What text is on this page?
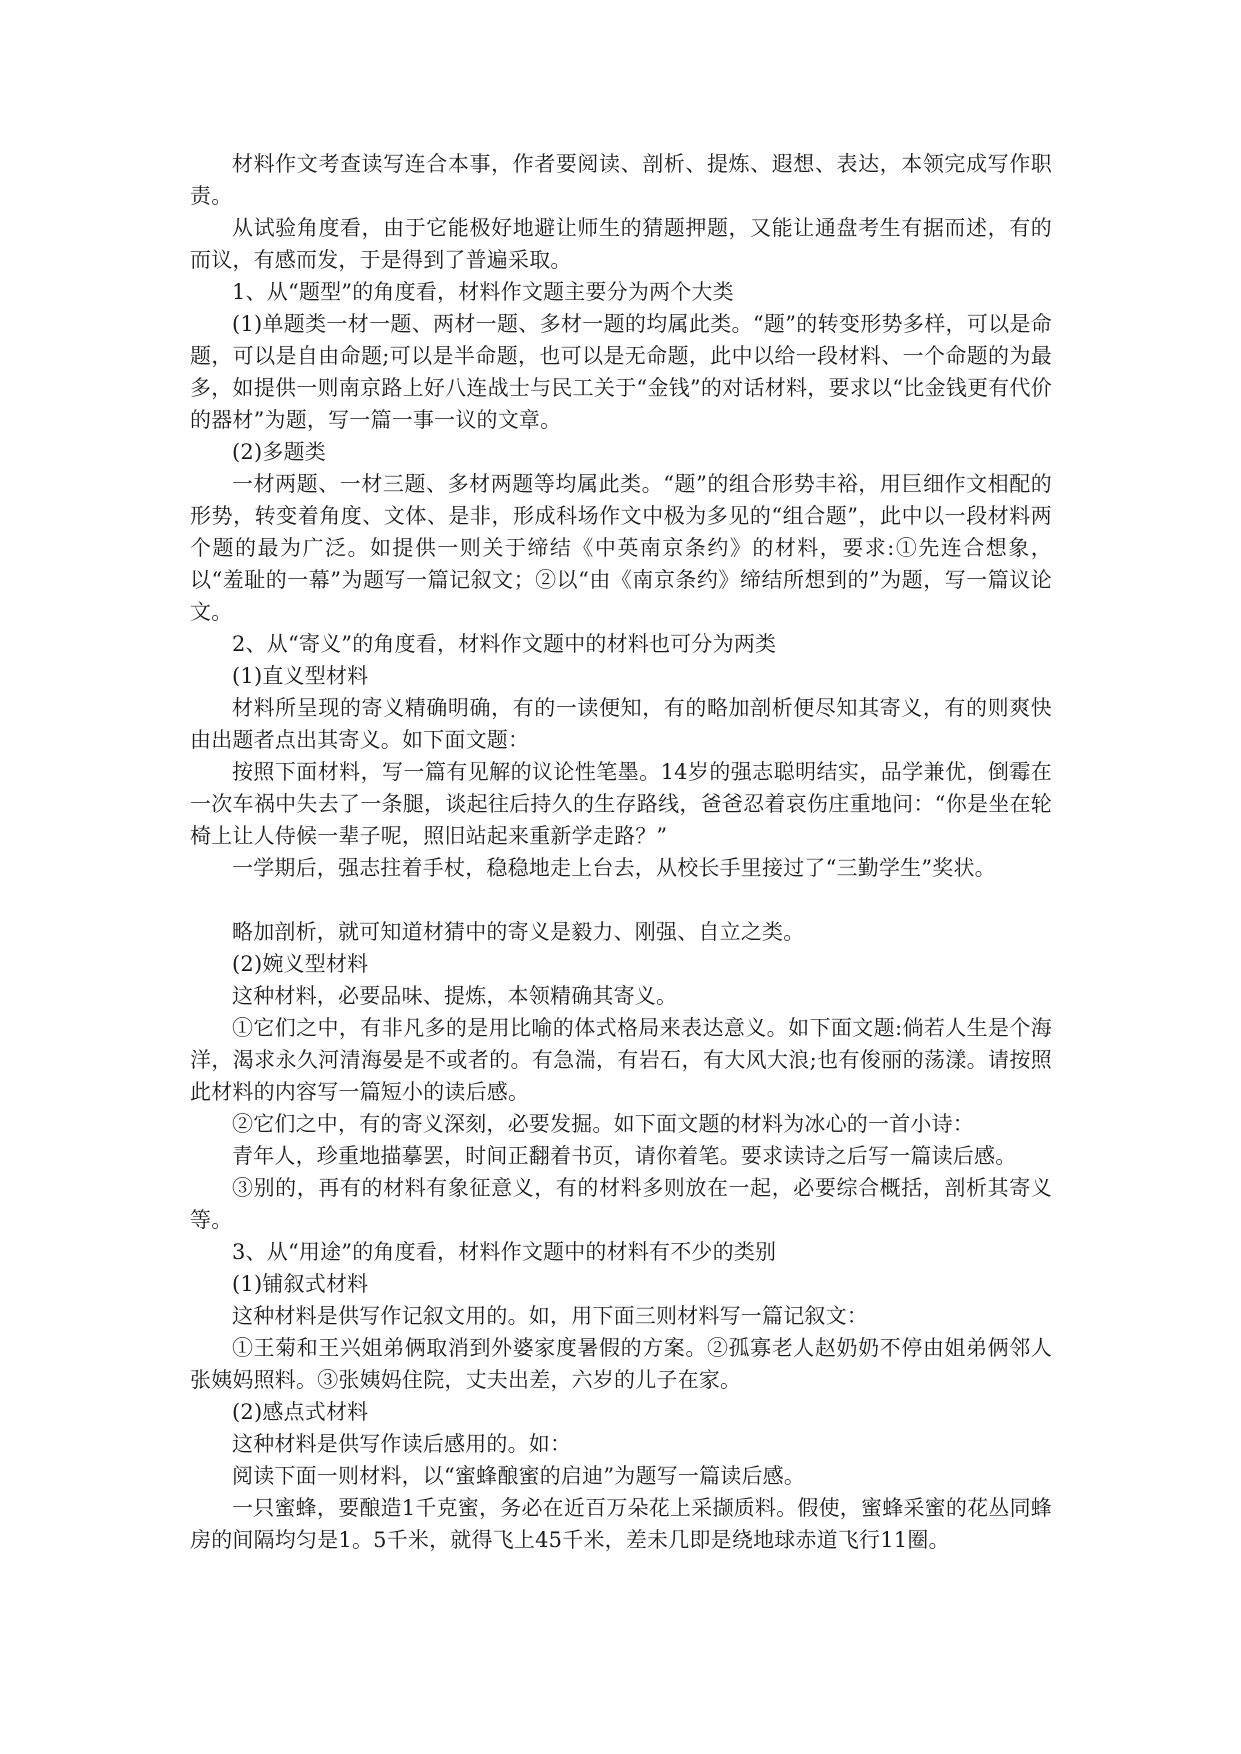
材料作文考查读写连合本事，作者要阅读、剖析、提炼、遐想、表达，本领完成写作职责。

从试验角度看，由于它能极好地避让师生的猜题押题，又能让通盘考生有据而述，有的而议，有感而发，于是得到了普遍采取。

1、从“题型”的角度看，材料作文题主要分为两个大类

(1)单题类一材一题、两材一题、多材一题的均属此类。“题”的转变形势多样，可以是命题，可以是自由命题;可以是半命题，也可以是无命题，此中以给一段材料、一个命题的为最多，如提供一则南京路上好八连战士与民工关于“金钱”的对话材料，要求以“比金钱更有代价的器材”为题，写一篇一事一议的文章。

(2)多题类

一材两题、一材三题、多材两题等均属此类。“题”的组合形势丰裕，用巨细作文相配的形势，转变着角度、文体、是非，形成科场作文中极为多见的“组合题”，此中以一段材料两个题的最为广泛。如提供一则关于缔结《中英南京条约》的材料，要求:①先连合想象，以“羞耻的一幕”为题写一篇记叙文；②以“由《南京条约》缔结所想到的”为题，写一篇议论文。

2、从“寄义”的角度看，材料作文题中的材料也可分为两类

(1)直义型材料

材料所呈现的寄义精确明确，有的一读便知，有的略加剖析便尽知其寄义，有的则爽快由出题者点出其寄义。如下面文题：

按照下面材料，写一篇有见解的议论性笔墨。14岁的强志聪明结实，品学兼优，倒霉在一次车祸中失去了一条腿，谈起往后持久的生存路线，爸爸忍着哀伤庄重地问：“你是坐在轮椅上让人侍候一辈子呢，照旧站起来重新学走路？”

一学期后，强志拄着手杖，稳稳地走上台去，从校长手里接过了“三勤学生”奖状。

略加剖析，就可知道材猜中的寄义是毅力、刚强、自立之类。

(2)婉义型材料

这种材料，必要品味、提炼，本领精确其寄义。

①它们之中，有非凡多的是用比喻的体式格局来表达意义。如下面文题:倘若人生是个海洋，渴求永久河清海晏是不或者的。有急湍，有岩石，有大风大浪;也有俊丽的荡漾。请按照此材料的内容写一篇短小的读后感。

②它们之中，有的寄义深刻，必要发掘。如下面文题的材料为冰心的一首小诗：

青年人，珍重地描摹罢，时间正翻着书页，请你着笔。要求读诗之后写一篇读后感。

③别的，再有的材料有象征意义，有的材料多则放在一起，必要综合概括，剖析其寄义等。

3、从“用途”的角度看，材料作文题中的材料有不少的类别

(1)铺叙式材料

这种材料是供写作记叙文用的。如，用下面三则材料写一篇记叙文：

①王菊和王兴姐弟俩取消到外婆家度暑假的方案。②孤寡老人赵奶奶不停由姐弟俩邻人张姨妈照料。③张姨妈住院，丈夫出差，六岁的儿子在家。

(2)感点式材料

这种材料是供写作读后感用的。如：

阅读下面一则材料，以“蜜蜂酿蜜的启迪”为题写一篇读后感。

一只蜜蜂，要酿造1千克蜜，务必在近百万朵花上采撷质料。假使，蜜蜂采蜜的花丛同蜂房的间隔均匀是1。5千米，就得飞上45千米，差未几即是绕地球赤道飞行11圈。
